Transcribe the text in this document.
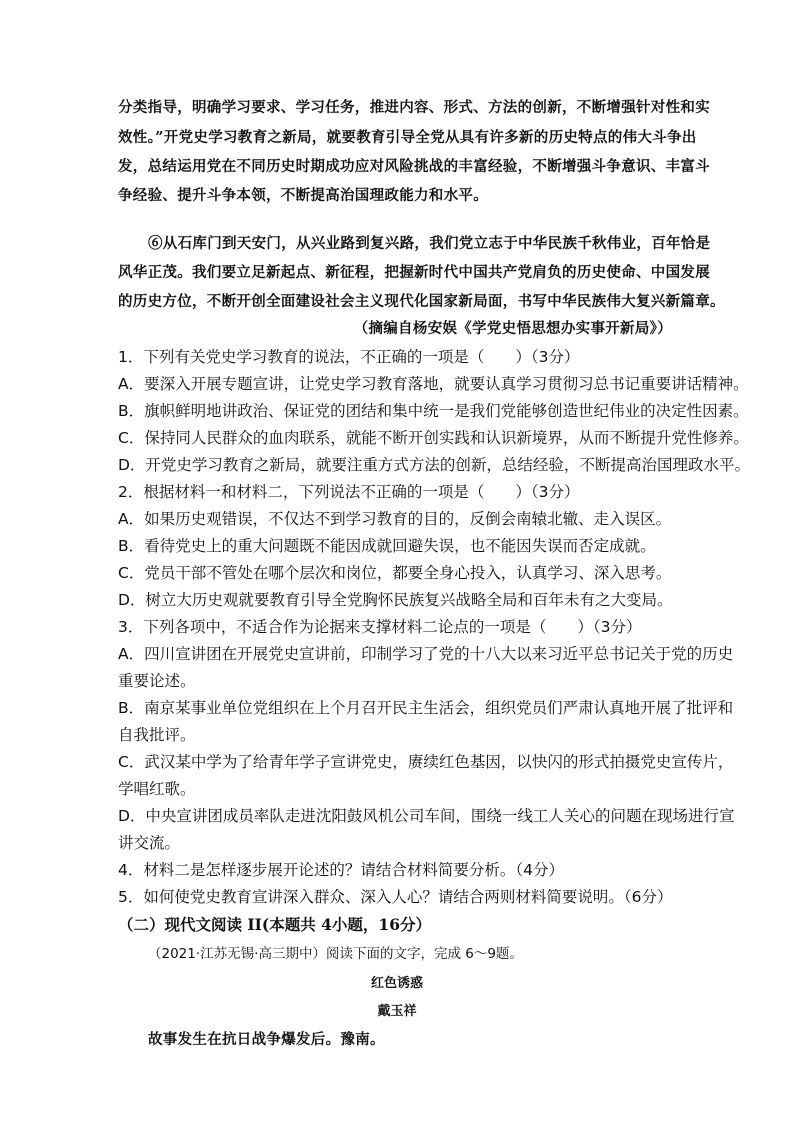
分类指导，明确学习要求、学习任务，推进内容、形式、方法的创新，不断增强针对性和实
效性。”开党史学习教育之新局，就要教育引导全党从具有许多新的历史特点的伟大斗争出
发，总结运用党在不同历史时期成功应对风险挑战的丰富经验，不断增强斗争意识、丰富斗
争经验、提升斗争本领，不断提高治国理政能力和水平。
⑥从石库门到天安门，从兴业路到复兴路，我们党立志于中华民族千秋伟业，百年恰是
风华正茂。我们要立足新起点、新征程，把握新时代中国共产党肩负的历史使命、中国发展
的历史方位，不断开创全面建设社会主义现代化国家新局面，书写中华民族伟大复兴新篇章。
（摘编自杨安娱《学党史悟思想办实事开新局》）
1．下列有关党史学习教育的说法，不正确的一项是（　　）（3分）
A．要深入开展专题宣讲，让党史学习教育落地，就要认真学习贯彻习总书记重要讲话精神。
B．旗帜鲜明地讲政治、保证党的团结和集中统一是我们党能够创造世纪伟业的决定性因素。
C．保持同人民群众的血肉联系，就能不断开创实践和认识新境界，从而不断提升党性修养。
D．开党史学习教育之新局，就要注重方式方法的创新，总结经验，不断提高治国理政水平。
2．根据材料一和材料二，下列说法不正确的一项是（　　）（3分）
A．如果历史观错误，不仅达不到学习教育的目的，反倒会南辕北辙、走入误区。
B．看待党史上的重大问题既不能因成就回避失误，也不能因失误而否定成就。
C．党员干部不管处在哪个层次和岗位，都要全身心投入，认真学习、深入思考。
D．树立大历史观就要教育引导全党胸怀民族复兴战略全局和百年未有之大变局。
3．下列各项中，不适合作为论据来支撑材料二论点的一项是（　　）（3分）
A．四川宣讲团在开展党史宣讲前，印制学习了党的十八大以来习近平总书记关于党的历史
重要论述。
B．南京某事业单位党组织在上个月召开民主生活会，组织党员们严肃认真地开展了批评和
自我批评。
C．武汉某中学为了给青年学子宣讲党史，赓续红色基因，以快闪的形式拍摄党史宣传片，
学唱红歌。
D．中央宣讲团成员率队走进沈阳鼓风机公司车间，围绕一线工人关心的问题在现场进行宣
讲交流。
4．材料二是怎样逐步展开论述的？请结合材料简要分析。（4分）
5．如何使党史教育宣讲深入群众、深入人心？请结合两则材料简要说明。（6分）
（二）现代文阅读 II(本题共 4小题，16分）
（2021·江苏无锡·高三期中）阅读下面的文字，完成 6～9题。
红色诱惑
戴玉祥
故事发生在抗日战争爆发后。豫南。
